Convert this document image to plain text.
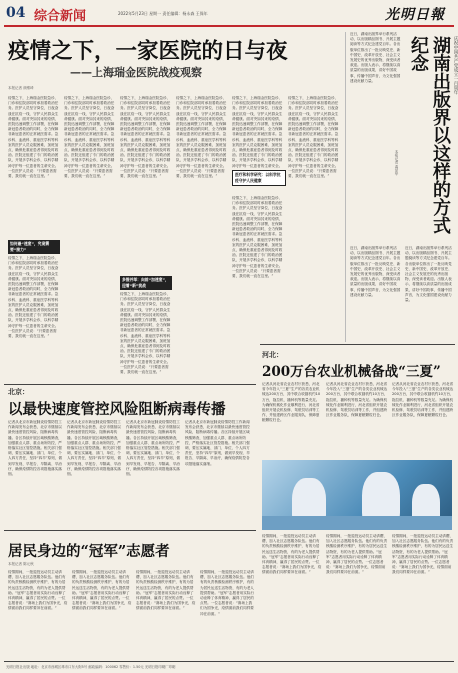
04 综合新闻	2022年5月23日 星期一 责任编辑：杨永森 王保年	光明日報
疫情之下，一家医院的日与夜
——上海瑞金医院战疫观察
本报记者 颜维琦
疫情之下，上海瑞金医院急诊、门诊和住院部同时承担着救治任务。医护人员坚守岗位，日夜奋战在抗疫一线，守护人民群众生命健康。面对突如其来的疫情，医院迅速调整工作部署，在保障新冠患者救治的同时，全力保障非新冠患者的正常就医需求。急诊科、血液科、重症医学科等科室的医护人员克服困难，加班加点，确保危重症患者得到及时救治。医院还组建了专门的救治团队，开展多学科会诊，以科学精神守护每一位患者的生命安全。一位医护人员说：“只要患者需要，我们就一直在这里。”
如何最“速度”，究竟需要“接力”
疫情之下，上海瑞金医院急诊、门诊和住院部同时承担着救治任务。医护人员坚守岗位，日夜奋战在抗疫一线，守护人民群众生命健康。面对突如其来的疫情，医院迅速调整工作部署，在保障新冠患者救治的同时，全力保障非新冠患者的正常就医需求。急诊科、血液科、重症医学科等科室的医护人员克服困难，加班加点，确保危重症患者得到及时救治。医院还组建了专门的救治团队，开展多学科会诊，以科学精神守护每一位患者的生命安全。一位医护人员说：“只要患者需要，我们就一直在这里。”
疫情之下，上海瑞金医院急诊、门诊和住院部同时承担着救治任务。医护人员坚守岗位，日夜奋战在抗疫一线，守护人民群众生命健康。面对突如其来的疫情，医院迅速调整工作部署，在保障新冠患者救治的同时，全力保障非新冠患者的正常就医需求。急诊科、血液科、重症医学科等科室的医护人员克服困难，加班加点，确保危重症患者得到及时救治。医院还组建了专门的救治团队，开展多学科会诊，以科学精神守护每一位患者的生命安全。一位医护人员说：“只要患者需要，我们就一直在这里。”
疫情之下，上海瑞金医院急诊、门诊和住院部同时承担着救治任务。医护人员坚守岗位，日夜奋战在抗疫一线，守护人民群众生命健康。面对突如其来的疫情，医院迅速调整工作部署，在保障新冠患者救治的同时，全力保障非新冠患者的正常就医需求。急诊科、血液科、重症医学科等科室的医护人员克服困难，加班加点，确保危重症患者得到及时救治。医院还组建了专门的救治团队，开展多学科会诊，以科学精神守护每一位患者的生命安全。一位医护人员说：“只要患者需要，我们就一直在这里。”
多措并举：向前“加速度”，迎着“新”挑战
疫情之下，上海瑞金医院急诊、门诊和住院部同时承担着救治任务。医护人员坚守岗位，日夜奋战在抗疫一线，守护人民群众生命健康。面对突如其来的疫情，医院迅速调整工作部署，在保障新冠患者救治的同时，全力保障非新冠患者的正常就医需求。急诊科、血液科、重症医学科等科室的医护人员克服困难，加班加点，确保危重症患者得到及时救治。医院还组建了专门的救治团队，开展多学科会诊，以科学精神守护每一位患者的生命安全。一位医护人员说：“只要患者需要，我们就一直在这里。”
疫情之下，上海瑞金医院急诊、门诊和住院部同时承担着救治任务。医护人员坚守岗位，日夜奋战在抗疫一线，守护人民群众生命健康。面对突如其来的疫情，医院迅速调整工作部署，在保障新冠患者救治的同时，全力保障非新冠患者的正常就医需求。急诊科、血液科、重症医学科等科室的医护人员克服困难，加班加点，确保危重症患者得到及时救治。医院还组建了专门的救治团队，开展多学科会诊，以科学精神守护每一位患者的生命安全。一位医护人员说：“只要患者需要，我们就一直在这里。”
疫情之下，上海瑞金医院急诊、门诊和住院部同时承担着救治任务。医护人员坚守岗位，日夜奋战在抗疫一线，守护人民群众生命健康。面对突如其来的疫情，医院迅速调整工作部署，在保障新冠患者救治的同时，全力保障非新冠患者的正常就医需求。急诊科、血液科、重症医学科等科室的医护人员克服困难，加班加点，确保危重症患者得到及时救治。医院还组建了专门的救治团队，开展多学科会诊，以科学精神守护每一位患者的生命安全。
医疗和科学研究：以科学抗疫守护人民健康
疫情之下，上海瑞金医院急诊、门诊和住院部同时承担着救治任务。医护人员坚守岗位，日夜奋战在抗疫一线，守护人民群众生命健康。面对突如其来的疫情，医院迅速调整工作部署，在保障新冠患者救治的同时，全力保障非新冠患者的正常就医需求。急诊科、血液科、重症医学科等科室的医护人员克服困难，加班加点，确保危重症患者得到及时救治。医院还组建了专门的救治团队，开展多学科会诊，以科学精神守护每一位患者的生命安全。一位医护人员说：“只要患者需要，我们就一直在这里。”
疫情之下，上海瑞金医院急诊、门诊和住院部同时承担着救治任务。医护人员坚守岗位，日夜奋战在抗疫一线，守护人民群众生命健康。面对突如其来的疫情，医院迅速调整工作部署，在保障新冠患者救治的同时，全力保障非新冠患者的正常就医需求。急诊科、血液科、重症医学科等科室的医护人员克服困难，加班加点，确保危重症患者得到及时救治。医院还组建了专门的救治团队，开展多学科会诊，以科学精神守护每一位患者的生命安全。一位医护人员说：“只要患者需要，我们就一直在这里。”
近日，湖南出版界举行系列活动，以出版精品图书、开展主题阅读等方式纪念建党百年。各出版单位推出了一批反映党史、新中国史、改革开放史、社会主义发展史的优秀出版物，深受读者欢迎。出版人表示，将继续以高质量的出版成果，讲好中国故事，传播中国声音，为文化强国建设贡献力量。	庆祝中国共产党成立一百周年
湖南出版界以这样的方式纪念
本报记者 禹爱华
近日，湖南出版界举行系列活动，以出版精品图书、开展主题阅读等方式纪念建党百年。各出版单位推出了一批反映党史、新中国史、改革开放史、社会主义发展史的优秀出版物，深受读者欢迎。出版人表示，将继续以高质量的出版成果，讲好中国故事，传播中国声音，为文化强国建设贡献力量。
近日，湖南出版界举行系列活动，以出版精品图书、开展主题阅读等方式纪念建党百年。各出版单位推出了一批反映党史、新中国史、改革开放史、社会主义发展史的优秀出版物，深受读者欢迎。出版人表示，将继续以高质量的出版成果，讲好中国故事，传播中国声音，为文化强国建设贡献力量。
河北：
200万台农业机械备战“三夏”
记者从河北省农业农村厅获悉，河北省今年投入“三夏”生产的各类农业机械达200万台，其中联合收割机约10万台，拖拉机、播种机等数量充足。为确保机械化作业顺利进行，河北省组织开展农机检修、驾驶员培训等工作，并组建跨区作业服务队，保障夏粮颗粒归仓。
记者从河北省农业农村厅获悉，河北省今年投入“三夏”生产的各类农业机械达200万台，其中联合收割机约10万台，拖拉机、播种机等数量充足。为确保机械化作业顺利进行，河北省组织开展农机检修、驾驶员培训等工作，并组建跨区作业服务队，保障夏粮颗粒归仓。
记者从河北省农业农村厅获悉，河北省今年投入“三夏”生产的各类农业机械达200万台，其中联合收割机约10万台，拖拉机、播种机等数量充足。为确保机械化作业顺利进行，河北省组织开展农机检修、驾驶员培训等工作，并组建跨区作业服务队，保障夏粮颗粒归仓。
北京：
以最快速度管控风险阻断病毒传播
记者从北京市新冠肺炎疫情防控工作新闻发布会获悉，北京市继续以最快速度管控风险，阻断病毒传播。各区持续开展区域核酸筛查，加强重点人群、重点场所防控，严格落实社区管控措施。相关部门强调，要压实属地、部门、单位、个人四方责任，坚持“四早”原则，做到早发现、早报告、早隔离、早治疗，确保疫情防控各项措施落实落细。
记者从北京市新冠肺炎疫情防控工作新闻发布会获悉，北京市继续以最快速度管控风险，阻断病毒传播。各区持续开展区域核酸筛查，加强重点人群、重点场所防控，严格落实社区管控措施。相关部门强调，要压实属地、部门、单位、个人四方责任，坚持“四早”原则，做到早发现、早报告、早隔离、早治疗，确保疫情防控各项措施落实落细。
记者从北京市新冠肺炎疫情防控工作新闻发布会获悉，北京市继续以最快速度管控风险，阻断病毒传播。各区持续开展区域核酸筛查，加强重点人群、重点场所防控，严格落实社区管控措施。相关部门强调，要压实属地、部门、单位、个人四方责任，坚持“四早”原则，做到早发现、早报告、早隔离、早治疗，确保疫情防控各项措施落实落细。
记者从北京市新冠肺炎疫情防控工作新闻发布会获悉，北京市继续以最快速度管控风险，阻断病毒传播。各区持续开展区域核酸筛查，加强重点人群、重点场所防控，严格落实社区管控措施。相关部门强调，要压实属地、部门、单位、个人四方责任，坚持“四早”原则，做到早发现、早报告、早隔离、早治疗，确保疫情防控各项措施落实落细。
居民身边的“冠军”志愿者
本报记者 陈元秋
疫情期间，一批退役运动员主动请缨，加入社区志愿服务队伍。他们有的负责核酸检测秩序维护，有的为居民运送生活物资，有的为老人提供帮助。“冠军”志愿者用实际行动诠释了体育精神，赢得了居民的点赞。一位志愿者说：“赛场上我们为国争光，疫情面前我们同样要冲在前面。”
疫情期间，一批退役运动员主动请缨，加入社区志愿服务队伍。他们有的负责核酸检测秩序维护，有的为居民运送生活物资，有的为老人提供帮助。“冠军”志愿者用实际行动诠释了体育精神，赢得了居民的点赞。一位志愿者说：“赛场上我们为国争光，疫情面前我们同样要冲在前面。”
疫情期间，一批退役运动员主动请缨，加入社区志愿服务队伍。他们有的负责核酸检测秩序维护，有的为居民运送生活物资，有的为老人提供帮助。“冠军”志愿者用实际行动诠释了体育精神，赢得了居民的点赞。一位志愿者说：“赛场上我们为国争光，疫情面前我们同样要冲在前面。”
疫情期间，一批退役运动员主动请缨，加入社区志愿服务队伍。他们有的负责核酸检测秩序维护，有的为居民运送生活物资，有的为老人提供帮助。“冠军”志愿者用实际行动诠释了体育精神，赢得了居民的点赞。一位志愿者说：“赛场上我们为国争光，疫情面前我们同样要冲在前面。”
疫情期间，一批退役运动员主动请缨，加入社区志愿服务队伍。他们有的负责核酸检测秩序维护，有的为居民运送生活物资，有的为老人提供帮助。“冠军”志愿者用实际行动诠释了体育精神，赢得了居民的点赞。一位志愿者说：“赛场上我们为国争光，疫情面前我们同样要冲在前面。”
疫情期间，一批退役运动员主动请缨，加入社区志愿服务队伍。他们有的负责核酸检测秩序维护，有的为居民运送生活物资，有的为老人提供帮助。“冠军”志愿者用实际行动诠释了体育精神，赢得了居民的点赞。一位志愿者说：“赛场上我们为国争光，疫情面前我们同样要冲在前面。”
疫情期间，一批退役运动员主动请缨，加入社区志愿服务队伍。他们有的负责核酸检测秩序维护，有的为居民运送生活物资，有的为老人提供帮助。“冠军”志愿者用实际行动诠释了体育精神，赢得了居民的点赞。一位志愿者说：“赛场上我们为国争光，疫情面前我们同样要冲在前面。”
光明日报社出版 地址：北京市西城区珠市口东大街5号 邮政编码：100062 零售价：1.50元 光明日报印刷厂印刷
